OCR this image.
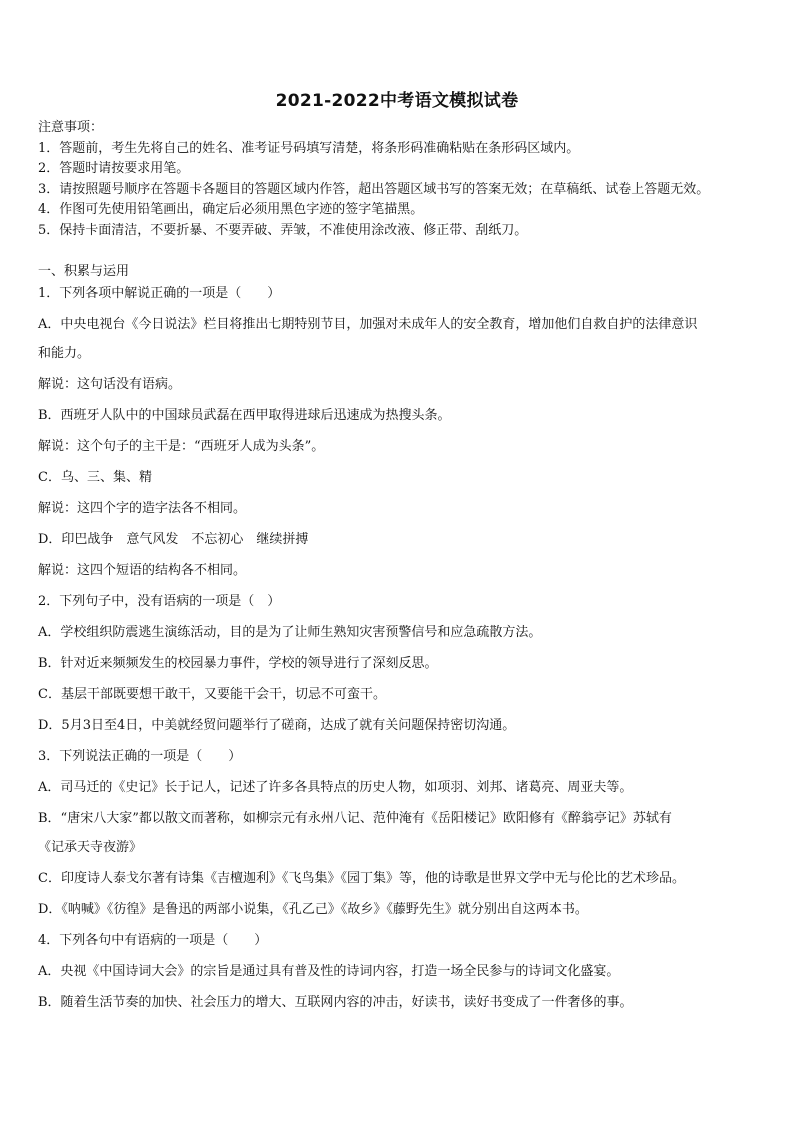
2021-2022中考语文模拟试卷
注意事项：
1．答题前，考生先将自己的姓名、准考证号码填写清楚，将条形码准确粘贴在条形码区域内。
2．答题时请按要求用笔。
3．请按照题号顺序在答题卡各题目的答题区域内作答，超出答题区域书写的答案无效；在草稿纸、试卷上答题无效。
4．作图可先使用铅笔画出，确定后必须用黑色字迹的签字笔描黑。
5．保持卡面清洁，不要折暴、不要弄破、弄皱，不准使用涂改液、修正带、刮纸刀。
一、积累与运用
1．下列各项中解说正确的一项是（　　）
A．中央电视台《今日说法》栏目将推出七期特别节目，加强对未成年人的安全教育，增加他们自救自护的法律意识
和能力。
解说：这句话没有语病。
B．西班牙人队中的中国球员武磊在西甲取得进球后迅速成为热搜头条。
解说：这个句子的主干是：“西班牙人成为头条”。
C．乌、三、集、精
解说：这四个字的造字法各不相同。
D．印巴战争　意气风发　不忘初心　继续拼搏
解说：这四个短语的结构各不相同。
2．下列句子中，没有语病的一项是（　）
A．学校组织防震逃生演练活动，目的是为了让师生熟知灾害预警信号和应急疏散方法。
B．针对近来频频发生的校园暴力事件，学校的领导进行了深刻反思。
C．基层干部既要想干敢干，又要能干会干，切忌不可蛮干。
D．5月3日至4日，中美就经贸问题举行了磋商，达成了就有关问题保持密切沟通。
3．下列说法正确的一项是（　　）
A．司马迁的《史记》长于记人，记述了许多各具特点的历史人物，如项羽、刘邦、诸葛亮、周亚夫等。
B．“唐宋八大家”都以散文而著称，如柳宗元有永州八记、范仲淹有《岳阳楼记》欧阳修有《醉翁亭记》苏轼有
《记承天寺夜游》
C．印度诗人泰戈尔著有诗集《吉檀迦利》《飞鸟集》《园丁集》等，他的诗歌是世界文学中无与伦比的艺术珍品。
D．《呐喊》《彷徨》是鲁迅的两部小说集，《孔乙己》《故乡》《藤野先生》就分别出自这两本书。
4．下列各句中有语病的一项是（　　）
A．央视《中国诗词大会》的宗旨是通过具有普及性的诗词内容，打造一场全民参与的诗词文化盛宴。
B．随着生活节奏的加快、社会压力的增大、互联网内容的冲击，好读书，读好书变成了一件奢侈的事。
